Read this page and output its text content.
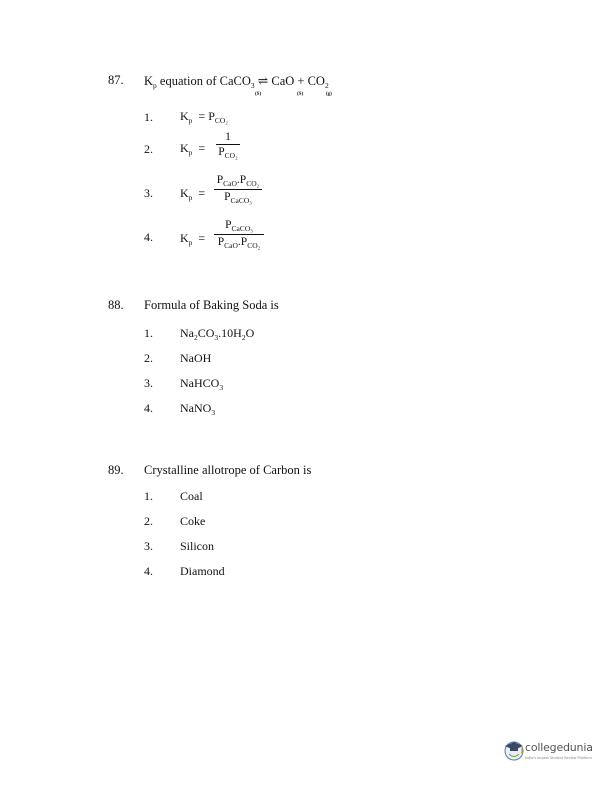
87. $K_p$ equation of CaCO$_3$ ⇌ CaO + $CO_2$
(S)	(S)	(g)
1. $K_p = P_{CO_2}$
2. $K_p$ =
1
$P_{CO_2}$
3. $K_p$ =
$P_{CaO}.P_{CO_2}$
$P_{CaCO_3}$
4. $K_p$ =
$P_{CaCO_3}$
$P_{CaO}.P_{CO_2}$
88. Formula of Baking Soda is
1. $Na_2CO_3.10H_2O$
2. NaOH
3. NaHCO$_3$
4. NaNO$_3$
89. Crystalline allotrope of Carbon is
1. Coal
2. Coke
3. Silicon
4. Diamond
collegedunia
India's largest Student Review Platform
